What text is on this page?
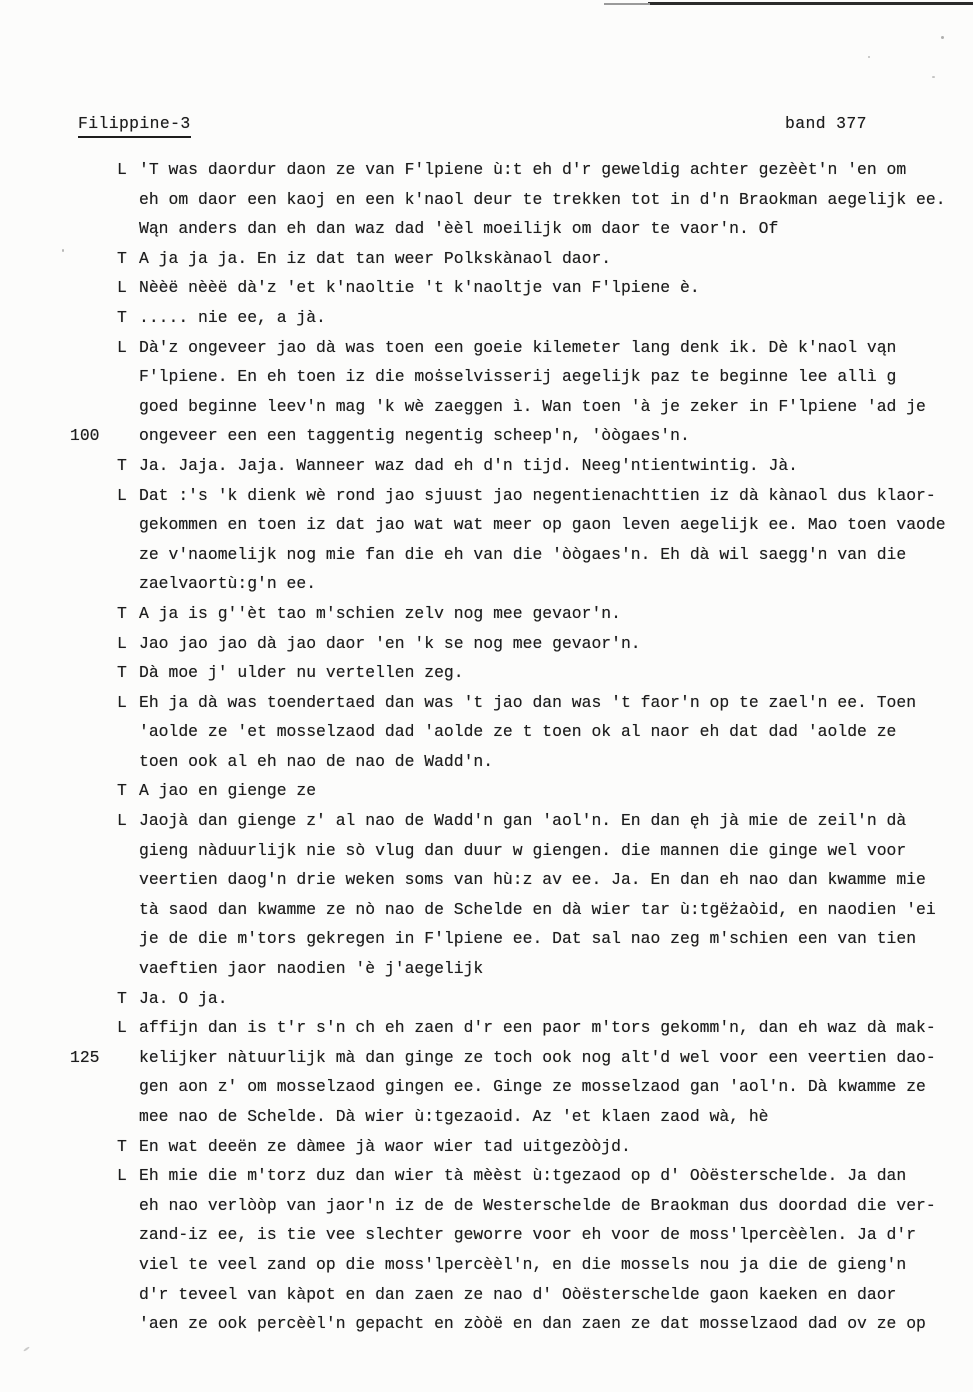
Filippine-3	band 377
L 'T was daordur daon ze van F'lpiene ù:t eh d'r geweldig achter gezèèt'n 'en om
eh om daor een kaoj en een k'naol deur te trekken tot in d'n Braokman aegelijk ee.
Wąn anders dan eh dan waz dad 'èèl moeilijk om daor te vaor'n. Of
T A ja ja ja. En iz dat tan weer Polkskànaol daor.
L Nèèë nèèë dà'z 'et k'naoltie 't k'naoltje van F'lpiene è.
T ..... nie ee, a jà.
L Dà'z ongeveer jao dà was toen een goeie kilemeter lang denk ik. Dè k'naol vąn
F'lpiene. En eh toen iz die moṡselvisserij aegelijk paz te beginne lee allì g
goed beginne leev'n mag 'k wè zaeggen ì. Wan toen 'à je zeker in F'lpiene 'ad je
100	ongeveer een een taggentig negentig scheep'n, 'òògaes'n.
T Ja. Jaja. Jaja. Wanneer waz dad eh d'n tijd. Neeg'ntientwintig. Jà.
L Dat :'s 'k dienk wè rond jao sjuust jao negentienachttien iz dà kànaol dus klaor-
gekommen en toen iz dat jao wat wat meer op gaon leven aegelijk ee. Mao toen vaode
ze v'naomelijk nog mie fan die eh van die 'òògaes'n. Eh dà wil saegg'n van die
zaelvaortù:g'n ee.
T A ja is g''èt tao m'schien zelv nog mee gevaor'n.
L Jao jao jao dà jao daor 'en 'k se nog mee gevaor'n.
T Dà moe j' ulder nu vertellen zeg.
L Eh ja dà was toendertaed dan was 't jao dan was 't faor'n op te zael'n ee. Toen
'aolde ze 'et mosselzaod dad 'aolde ze t toen ok al naor eh dat dad 'aolde ze
toen ook al eh nao de nao de Wadd'n.
T A jao en gienge ze
L Jaojà dan gienge z' al nao de Wadd'n gan 'aol'n. En dan ęh jà mie de zeil'n dà
gieng nàduurlijk nie sò vlug dan duur w giengen. die mannen die ginge wel voor
veertien daog'n drie weken soms van hù:z av ee. Ja. En dan eh nao dan kwamme mie
tà saod dan kwamme ze nò nao de Schelde en dà wier tar ù:tgëżaòid, en naodien 'ei
je de die m'tors gekregen in F'lpiene ee. Dat sal nao zeg m'schien een van tien
vaeftien jaor naodien 'è j'aegelijk
T Ja. O ja.
L affijn dan is t'r s'n ch eh zaen d'r een paor m'tors gekomm'n, dan eh waz dà mak-
125	kelijker nàtuurlijk mà dan ginge ze toch ook nog alt'd wel voor een veertien dao-
gen aon z' om mosselzaod gingen ee. Ginge ze mosselzaod gan 'aol'n. Dà kwamme ze
mee nao de Schelde. Dà wier ù:tgezaoid. Az 'et klaen zaod wà, hè
T En wat deeën ze dàmee jà waor wier tad uitgezòòjd.
L Eh mie die m'torz duz dan wier tà mèèst ù:tgezaod op d' Oòësterschelde. Ja dan
eh nao verlòòp van jaor'n iz de de Westerschelde de Braokman dus doordad die ver-
zand-iz ee, is tie vee slechter geworre voor eh voor de moss'lpercèèlen. Ja d'r
viel te veel zand op die moss'lpercèèl'n, en die mossels nou ja die de gieng'n
d'r teveel van kàpot en dan zaen ze nao d' Oòësterschelde gaon kaeken en daor
'aen ze ook percèèl'n gepacht en zòòë en dan zaen ze dat mosselzaod dad ov ze op
